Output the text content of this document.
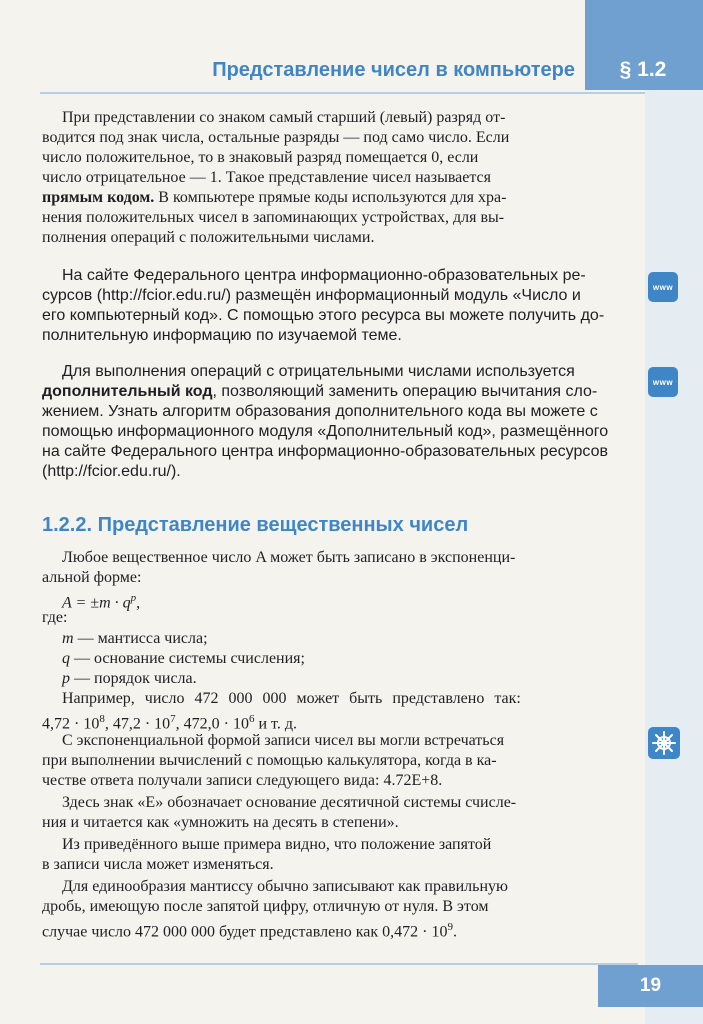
§ 1.2
Представление чисел в компьютере
www
www
При представлении со знаком самый старший (левый) разряд от-
водится под знак числа, остальные разряды — под само число. Если
число положительное, то в знаковый разряд помещается 0, если
число отрицательное — 1. Такое представление чисел называется
прямым кодом. В компьютере прямые коды используются для хра-
нения положительных чисел в запоминающих устройствах, для вы-
полнения операций с положительными числами.
На сайте Федерального центра информационно-образовательных ре-
сурсов (http://fcior.edu.ru/) размещён информационный модуль «Число и
его компьютерный код». С помощью этого ресурса вы можете получить до-
полнительную информацию по изучаемой теме.
Для выполнения операций с отрицательными числами используется
дополнительный код, позволяющий заменить операцию вычитания сло-
жением. Узнать алгоритм образования дополнительного кода вы можете с
помощью информационного модуля «Дополнительный код», размещённого
на сайте Федерального центра информационно-образовательных ресурсов
(http://fcior.edu.ru/).
1.2.2. Представление вещественных чисел
Любое вещественное число A может быть записано в экспоненци-
альной форме:
$A = \pm m \cdot q^p$,
где:
m — мантисса числа;
q — основание системы счисления;
p — порядок числа.
Например, число 472 000 000 может быть представлено так:
$4,72 \cdot 10^8$, $47,2 \cdot 10^7$, $472,0 \cdot 10^6$ и т. д.
С экспоненциальной формой записи чисел вы могли встречаться
при выполнении вычислений с помощью калькулятора, когда в ка-
честве ответа получали записи следующего вида: 4.72E+8.
Здесь знак «E» обозначает основание десятичной системы счисле-
ния и читается как «умножить на десять в степени».
Из приведённого выше примера видно, что положение запятой
в записи числа может изменяться.
Для единообразия мантиссу обычно записывают как правильную
дробь, имеющую после запятой цифру, отличную от нуля. В этом
случае число 472 000 000 будет представлено как $0,472 \cdot 10^9$.
19
